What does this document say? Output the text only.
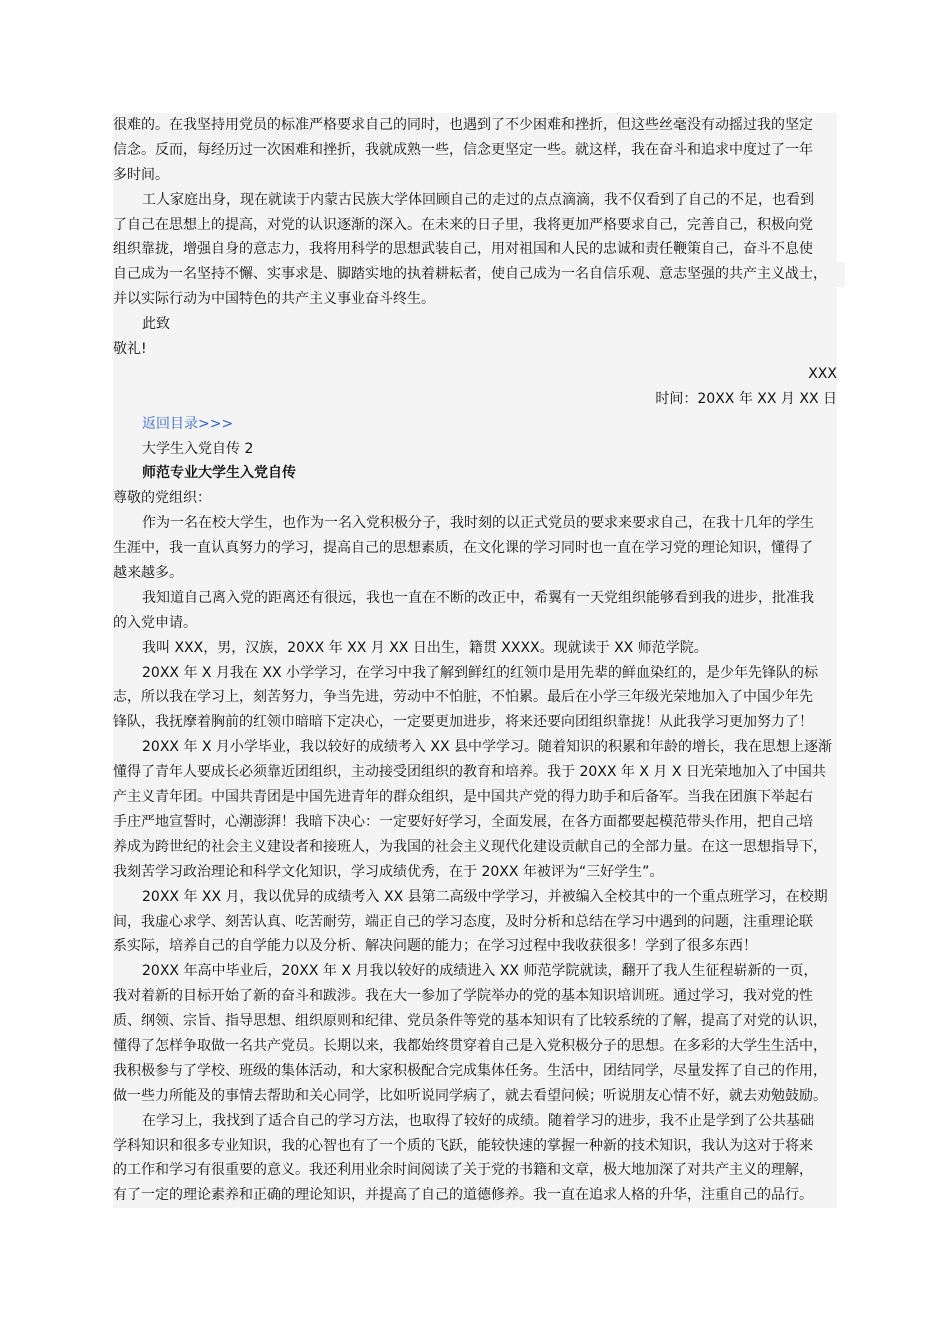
很难的。在我坚持用党员的标准严格要求自己的同时，也遇到了不少困难和挫折，但这些丝毫没有动摇过我的坚定
信念。反而，每经历过一次困难和挫折，我就成熟一些，信念更坚定一些。就这样，我在奋斗和追求中度过了一年
多时间。
工人家庭出身，现在就读于内蒙古民族大学体回顾自己的走过的点点滴滴，我不仅看到了自己的不足，也看到
了自己在思想上的提高，对党的认识逐渐的深入。在未来的日子里，我将更加严格要求自己，完善自己，积极向党
组织靠拢，增强自身的意志力，我将用科学的思想武装自己，用对祖国和人民的忠诚和责任鞭策自己，奋斗不息使
自己成为一名坚持不懈、实事求是、脚踏实地的执着耕耘者，使自己成为一名自信乐观、意志坚强的共产主义战士，
并以实际行动为中国特色的共产主义事业奋斗终生。
此致
敬礼!
XXX
时间：20XX 年 XX 月 XX 日
返回目录>>>
大学生入党自传 2
师范专业大学生入党自传
尊敬的党组织：
作为一名在校大学生，也作为一名入党积极分子，我时刻的以正式党员的要求来要求自己，在我十几年的学生
生涯中，我一直认真努力的学习，提高自己的思想素质，在文化课的学习同时也一直在学习党的理论知识，懂得了
越来越多。
我知道自己离入党的距离还有很远，我也一直在不断的改正中，希翼有一天党组织能够看到我的进步，批准我
的入党申请。
我叫 XXX，男，汉族，20XX 年 XX 月 XX 日出生，籍贯 XXXX。现就读于 XX 师范学院。
20XX 年 X 月我在 XX 小学学习，在学习中我了解到鲜红的红领巾是用先辈的鲜血染红的，是少年先锋队的标
志，所以我在学习上，刻苦努力，争当先进，劳动中不怕脏，不怕累。最后在小学三年级光荣地加入了中国少年先
锋队，我抚摩着胸前的红领巾暗暗下定决心，一定要更加进步，将来还要向团组织靠拢！从此我学习更加努力了！
20XX 年 X 月小学毕业，我以较好的成绩考入 XX 县中学学习。随着知识的积累和年龄的增长，我在思想上逐渐
懂得了青年人要成长必须靠近团组织，主动接受团组织的教育和培养。我于 20XX 年 X 月 X 日光荣地加入了中国共
产主义青年团。中国共青团是中国先进青年的群众组织，是中国共产党的得力助手和后备军。当我在团旗下举起右
手庄严地宣誓时，心潮澎湃！我暗下决心：一定要好好学习，全面发展，在各方面都要起模范带头作用，把自己培
养成为跨世纪的社会主义建设者和接班人，为我国的社会主义现代化建设贡献自己的全部力量。在这一思想指导下，
我刻苦学习政治理论和科学文化知识，学习成绩优秀，在于 20XX 年被评为“三好学生”。
20XX 年 XX 月，我以优异的成绩考入 XX 县第二高级中学学习，并被编入全校其中的一个重点班学习，在校期
间，我虚心求学、刻苦认真、吃苦耐劳，端正自己的学习态度，及时分析和总结在学习中遇到的问题，注重理论联
系实际，培养自己的自学能力以及分析、解决问题的能力；在学习过程中我收获很多！学到了很多东西！
20XX 年高中毕业后，20XX 年 X 月我以较好的成绩进入 XX 师范学院就读，翻开了我人生征程崭新的一页，
我对着新的目标开始了新的奋斗和跋涉。我在大一参加了学院举办的党的基本知识培训班。通过学习，我对党的性
质、纲领、宗旨、指导思想、组织原则和纪律、党员条件等党的基本知识有了比较系统的了解，提高了对党的认识，
懂得了怎样争取做一名共产党员。长期以来，我都始终贯穿着自己是入党积极分子的思想。在多彩的大学生生活中，
我积极参与了学校、班级的集体活动，和大家积极配合完成集体任务。生活中，团结同学，尽量发挥了自己的作用，
做一些力所能及的事情去帮助和关心同学，比如听说同学病了，就去看望问候；听说朋友心情不好，就去劝勉鼓励。
在学习上，我找到了适合自己的学习方法，也取得了较好的成绩。随着学习的进步，我不止是学到了公共基础
学科知识和很多专业知识，我的心智也有了一个质的飞跃，能较快速的掌握一种新的技术知识，我认为这对于将来
的工作和学习有很重要的意义。我还利用业余时间阅读了关于党的书籍和文章，极大地加深了对共产主义的理解，
有了一定的理论素养和正确的理论知识，并提高了自己的道德修养。我一直在追求人格的升华，注重自己的品行。
